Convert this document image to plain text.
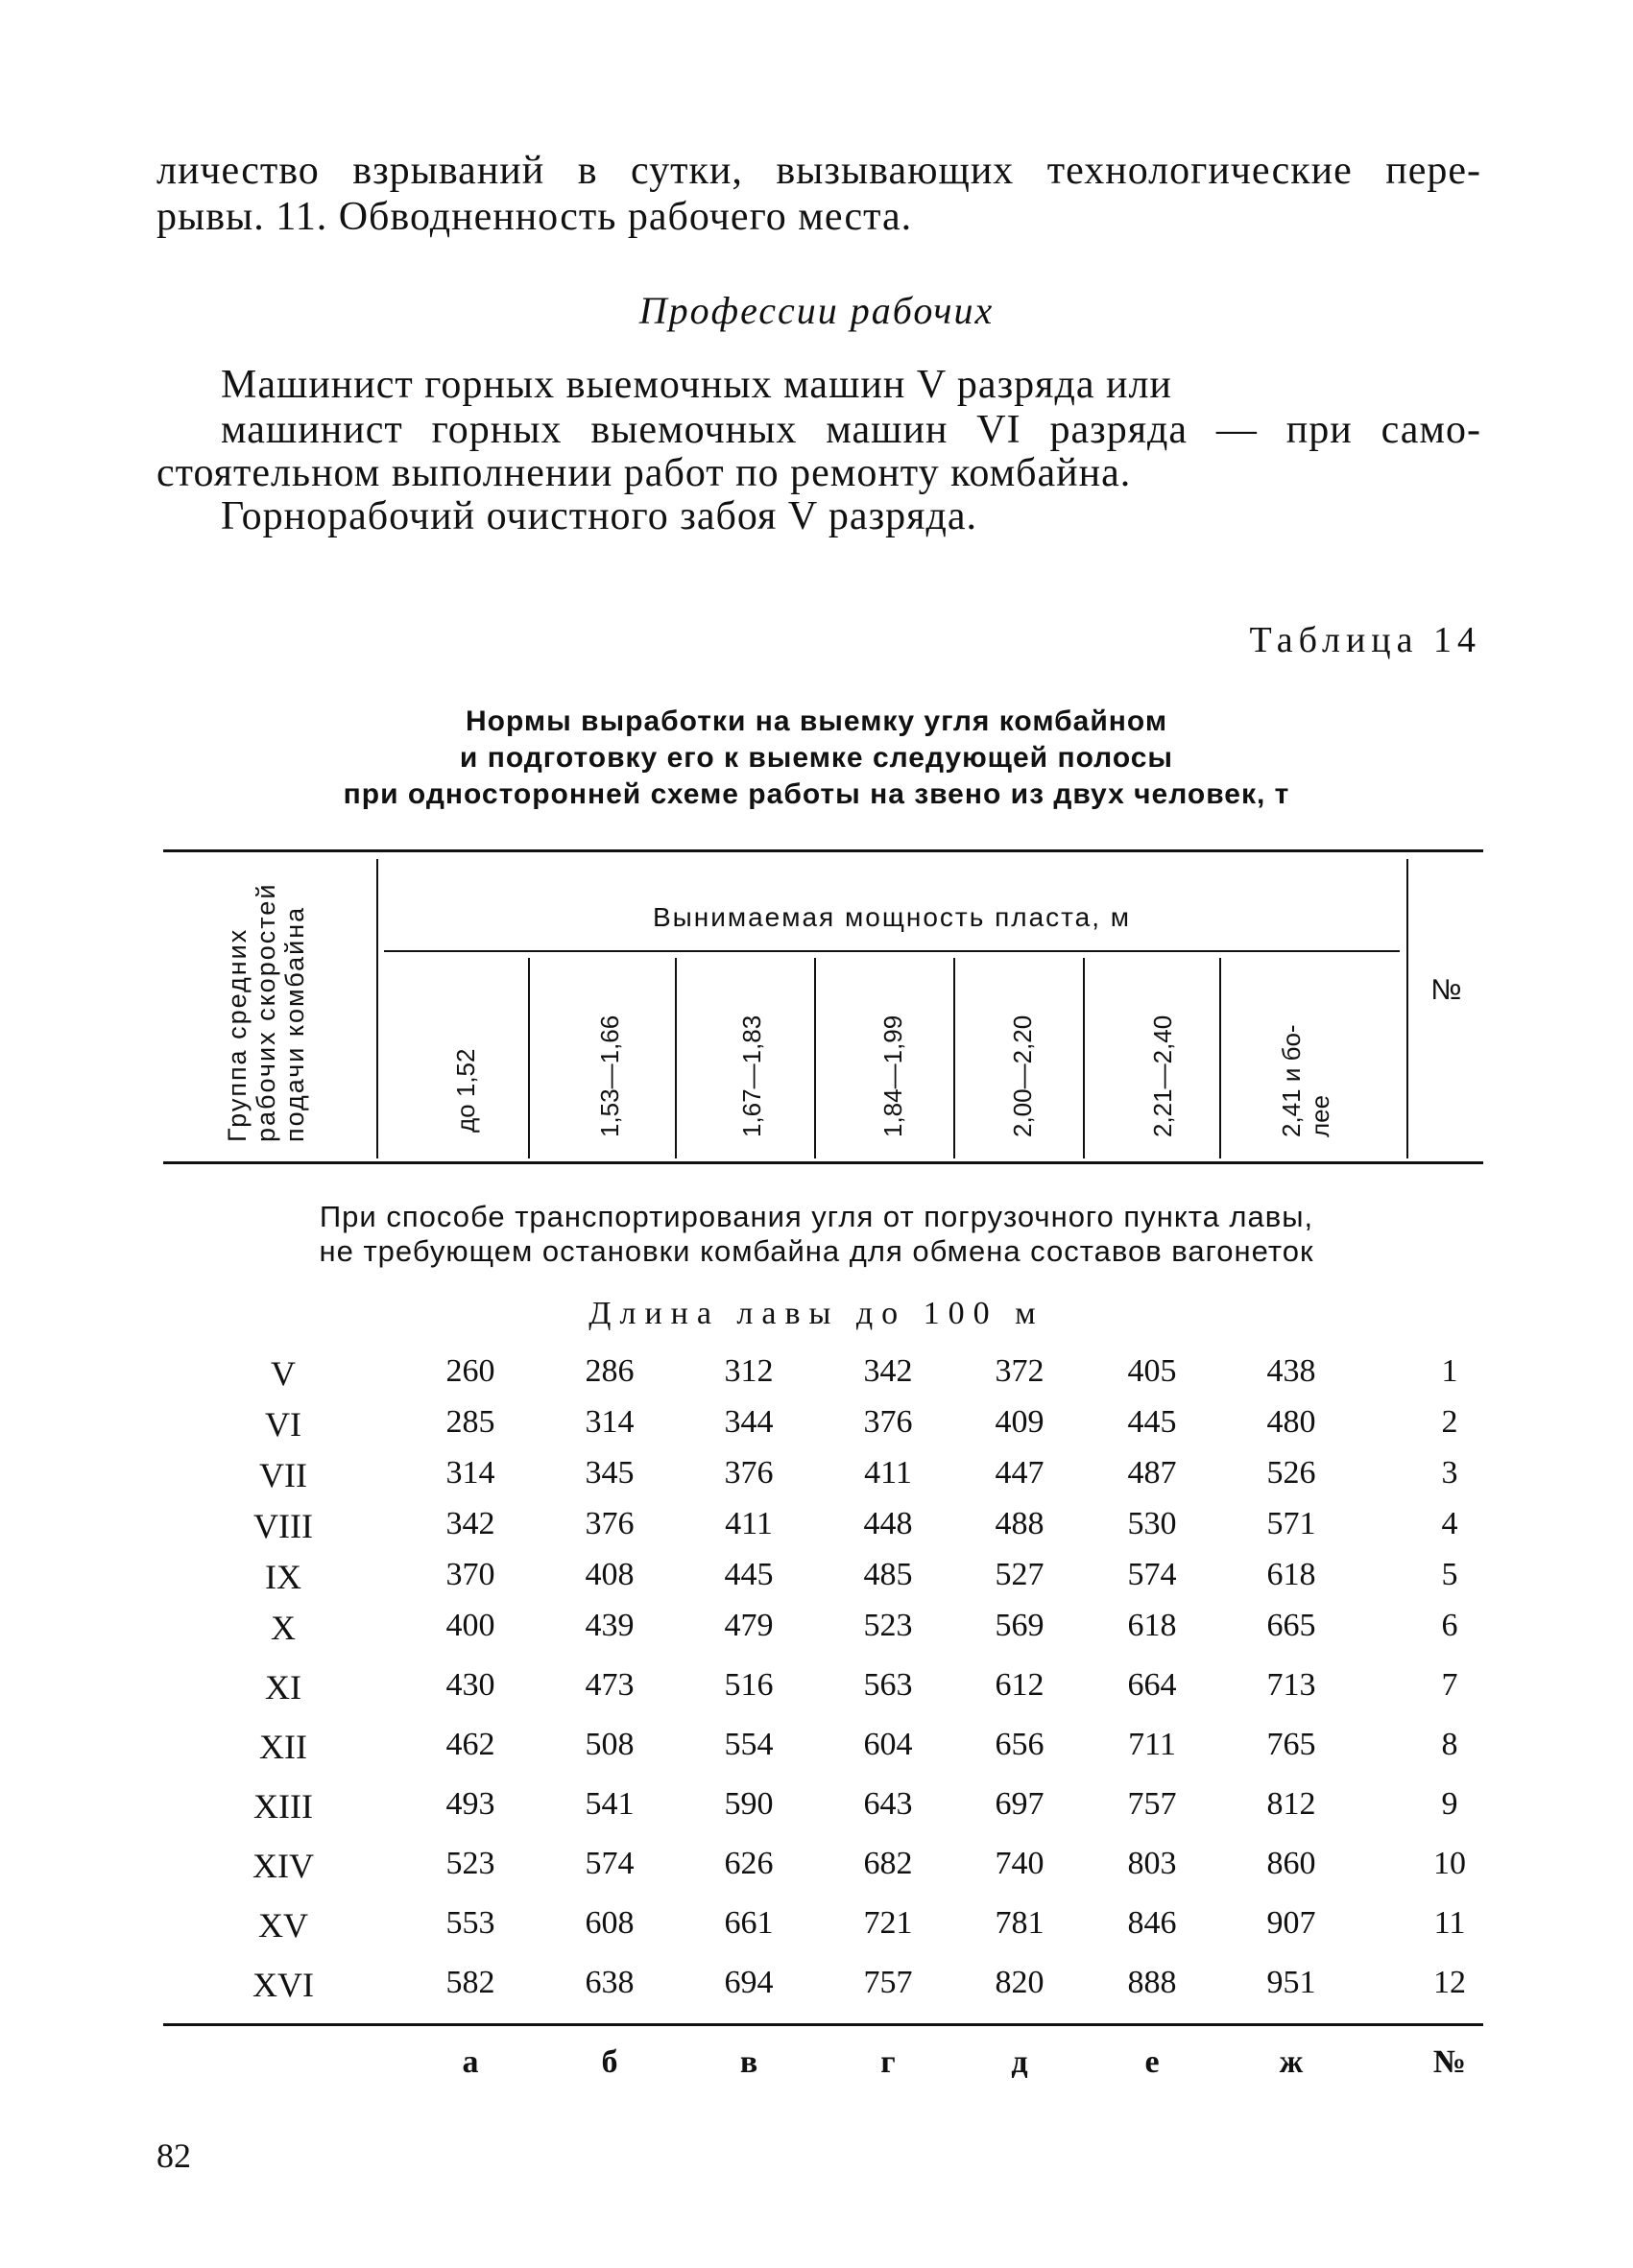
личество взрываний в сутки, вызывающих технологические пере-
рывы. 11. Обводненность рабочего места.
Профессии рабочих
Машинист горных выемочных машин V разряда или
машинист горных выемочных машин VI разряда — при само-
стоятельном выполнении работ по ремонту комбайна.
Горнорабочий очистного забоя V разряда.
Таблица 14
Нормы выработки на выемку угля комбайном
и подготовку его к выемке следующей полосы
при односторонней схеме работы на звено из двух человек, т
Группа средних рабочих скоростей подачи комбайна	Вынимаемая мощность пласта, м
№
до 1,52	1,53—1,66	1,67—1,83	1,84—1,99	2,00—2,20	2,21—2,40	2,41 и бо- лее
При способе транспортирования угля от погрузочного пункта лавы,
не требующем остановки комбайна для обмена составов вагонеток
Длина лавы до 100 м
V	260	286	312	342	372	405	438	1
VI	285	314	344	376	409	445	480	2
VII	314	345	376	411	447	487	526	3
VIII	342	376	411	448	488	530	571	4
IX	370	408	445	485	527	574	618	5
X	400	439	479	523	569	618	665	6
XI	430	473	516	563	612	664	713	7
XII	462	508	554	604	656	711	765	8
XIII	493	541	590	643	697	757	812	9
XIV	523	574	626	682	740	803	860	10
XV	553	608	661	721	781	846	907	11
XVI	582	638	694	757	820	888	951	12
а	б	в	г	д	е	ж	№
82
